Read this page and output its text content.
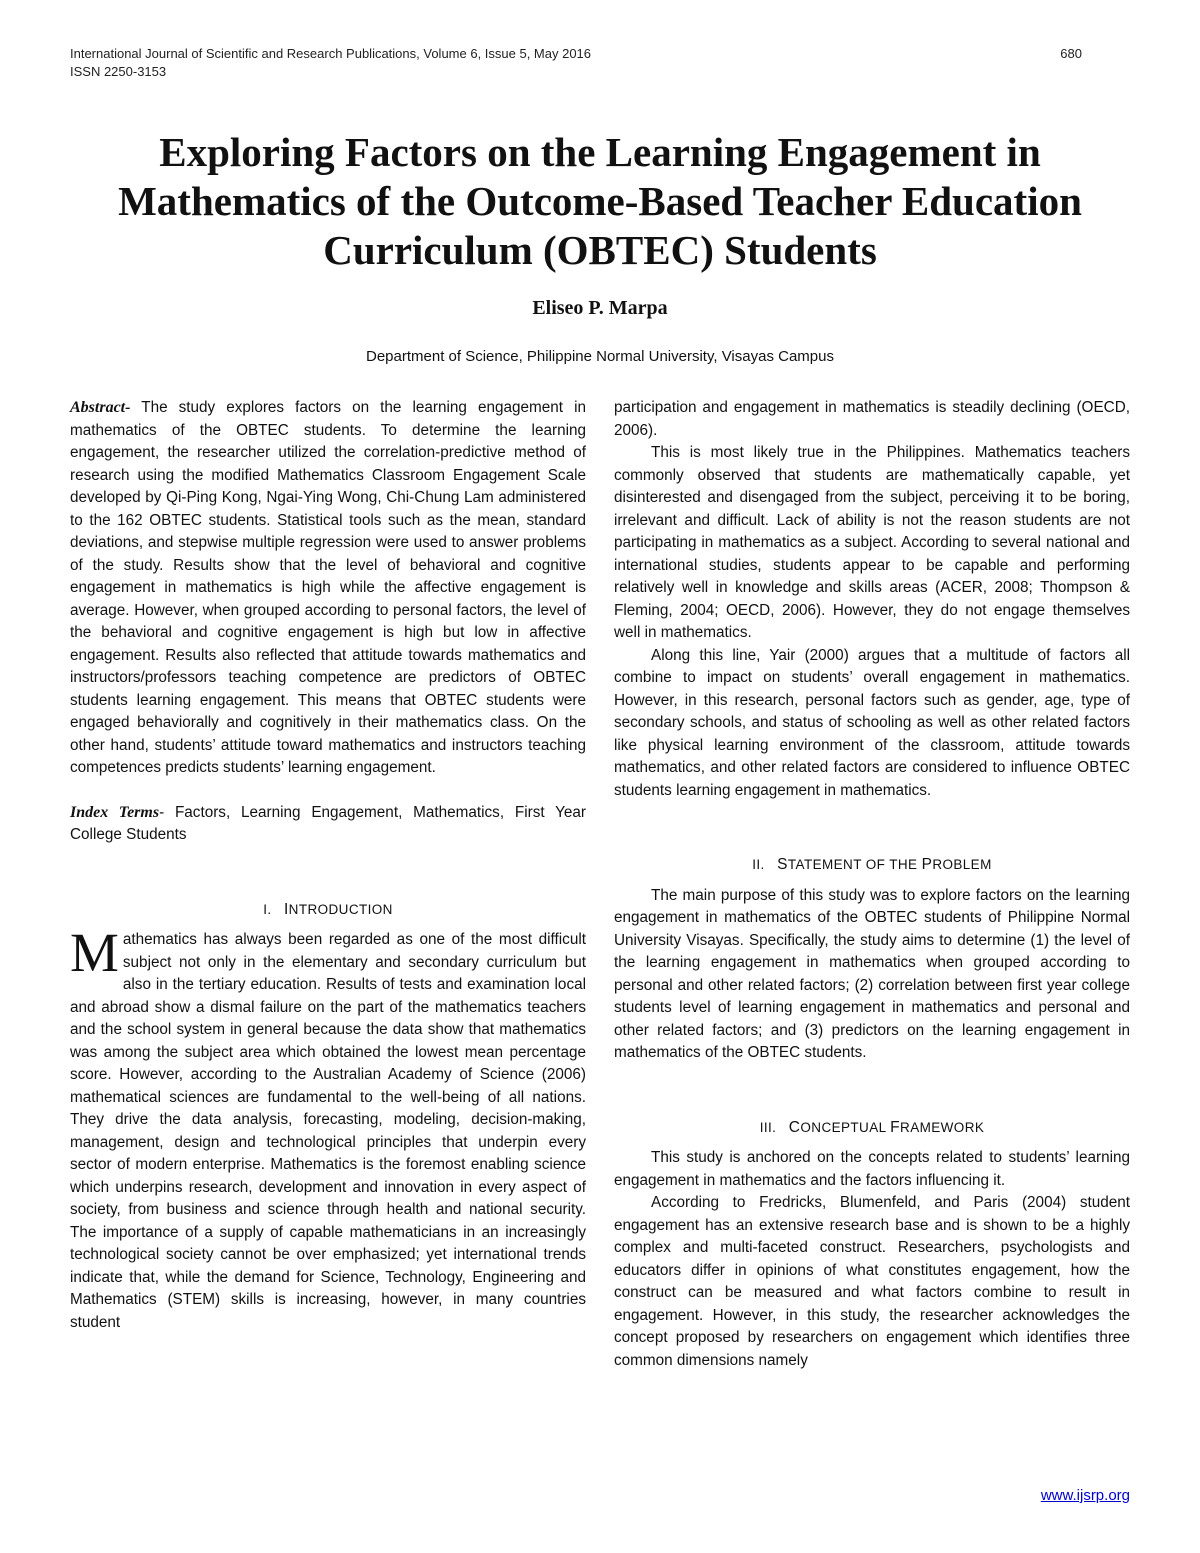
International Journal of Scientific and Research Publications, Volume 6, Issue 5, May 2016
ISSN 2250-3153
680
Exploring Factors on the Learning Engagement in
Mathematics of the Outcome-Based Teacher Education
Curriculum (OBTEC) Students

Eliseo P. Marpa

Department of Science, Philippine Normal University, Visayas Campus

Abstract- The study explores factors on the learning engagement in mathematics of the OBTEC students. To determine the learning engagement, the researcher utilized the correlation-predictive method of research using the modified Mathematics Classroom Engagement Scale developed by Qi-Ping Kong, Ngai-Ying Wong, Chi-Chung Lam administered to the 162 OBTEC students. Statistical tools such as the mean, standard deviations, and stepwise multiple regression were used to answer problems of the study. Results show that the level of behavioral and cognitive engagement in mathematics is high while the affective engagement is average. However, when grouped according to personal factors, the level of the behavioral and cognitive engagement is high but low in affective engagement. Results also reflected that attitude towards mathematics and instructors/professors teaching competence are predictors of OBTEC students learning engagement. This means that OBTEC students were engaged behaviorally and cognitively in their mathematics class. On the other hand, students’ attitude toward mathematics and instructors teaching competences predicts students’ learning engagement.

Index Terms- Factors, Learning Engagement, Mathematics, First Year College Students

I. INTRODUCTION

Mathematics has always been regarded as one of the most difficult subject not only in the elementary and secondary curriculum but also in the tertiary education. Results of tests and examination local and abroad show a dismal failure on the part of the mathematics teachers and the school system in general because the data show that mathematics was among the subject area which obtained the lowest mean percentage score. However, according to the Australian Academy of Science (2006) mathematical sciences are fundamental to the well-being of all nations. They drive the data analysis, forecasting, modeling, decision-making, management, design and technological principles that underpin every sector of modern enterprise. Mathematics is the foremost enabling science which underpins research, development and innovation in every aspect of society, from business and science through health and national security. The importance of a supply of capable mathematicians in an increasingly technological society cannot be over emphasized; yet international trends indicate that, while the demand for Science, Technology, Engineering and Mathematics (STEM) skills is increasing, however, in many countries student

participation and engagement in mathematics is steadily declining (OECD, 2006).

This is most likely true in the Philippines. Mathematics teachers commonly observed that students are mathematically capable, yet disinterested and disengaged from the subject, perceiving it to be boring, irrelevant and difficult. Lack of ability is not the reason students are not participating in mathematics as a subject. According to several national and international studies, students appear to be capable and performing relatively well in knowledge and skills areas (ACER, 2008; Thompson & Fleming, 2004; OECD, 2006). However, they do not engage themselves well in mathematics.

Along this line, Yair (2000) argues that a multitude of factors all combine to impact on students’ overall engagement in mathematics. However, in this research, personal factors such as gender, age, type of secondary schools, and status of schooling as well as other related factors like physical learning environment of the classroom, attitude towards mathematics, and other related factors are considered to influence OBTEC students learning engagement in mathematics.

II. STATEMENT OF THE PROBLEM

The main purpose of this study was to explore factors on the learning engagement in mathematics of the OBTEC students of Philippine Normal University Visayas. Specifically, the study aims to determine (1) the level of the learning engagement in mathematics when grouped according to personal and other related factors; (2) correlation between first year college students level of learning engagement in mathematics and personal and other related factors; and (3) predictors on the learning engagement in mathematics of the OBTEC students.

III. CONCEPTUAL FRAMEWORK

This study is anchored on the concepts related to students’ learning engagement in mathematics and the factors influencing it.

According to Fredricks, Blumenfeld, and Paris (2004) student engagement has an extensive research base and is shown to be a highly complex and multi-faceted construct. Researchers, psychologists and educators differ in opinions of what constitutes engagement, how the construct can be measured and what factors combine to result in engagement. However, in this study, the researcher acknowledges the concept proposed by researchers on engagement which identifies three common dimensions namely

www.ijsrp.org
